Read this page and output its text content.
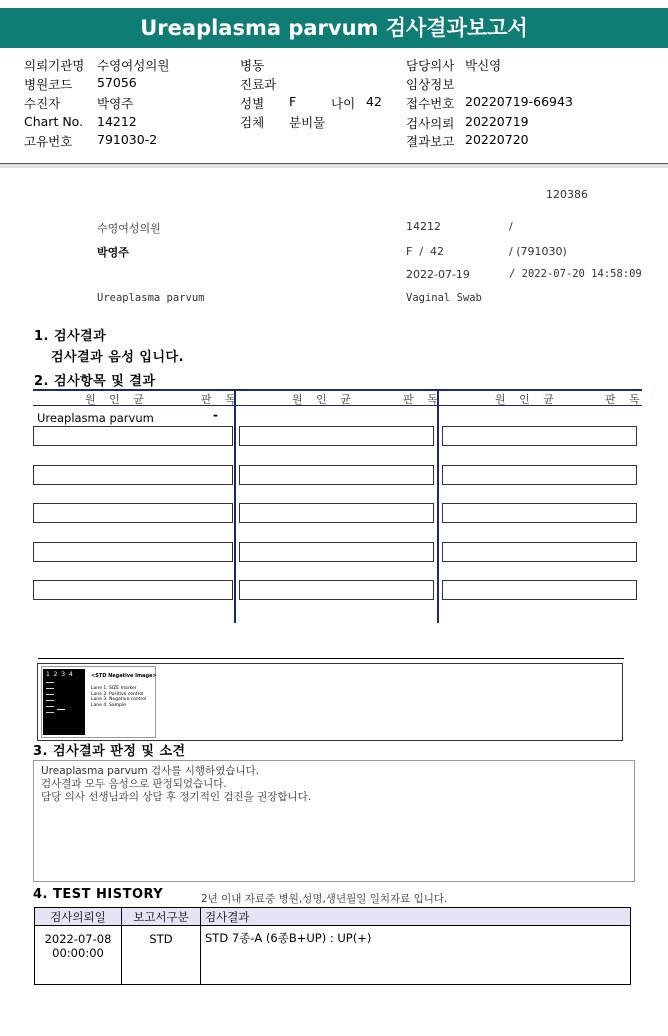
Ureaplasma parvum 검사결과보고서
의뢰기관명 수영여성의원
병원코드 57056
수진자	박영주
Chart No. 14212
고유번호 791030-2
병동
진료과
성별 F	나이 42
검체 분비물
담당의사 박신영
임상정보
접수번호 20220719-66943
검사의뢰 20220719
결과보고 20220720
120386
수영여성의원	14212	/
박영주	F  /  42	/ (791030)
2022-07-19	/ 2022-07-20 14:58:09
Ureaplasma parvum	Vaginal Swab
1. 검사결과
검사결과 음성 입니다.
2. 검사항목 및 결과
원 인 균	판 독	원 인 균	판 독	원 인 균	판 독
Ureaplasma parvum	-
1  2  3  4	<STD Negative Image>
Lane 1. SIZE marker
Lane 2. Positive control
Lane 3. Negative control
Lane 4. Sample
3. 검사결과 판정 및 소견
Ureaplasma parvum 검사를 시행하였습니다.
검사결과 모두 음성으로 판정되었습니다.
담당 의사 선생님과의 상담 후 정기적인 검진을 권장합니다.
4. TEST HISTORY	2년 이내 자료중 병원,성명,생년월일 일치자료 입니다.
검사의뢰일	보고서구분	검사결과

2022-07-08
00:00:00	STD	STD 7종-A (6종B+UP) : UP(+)
